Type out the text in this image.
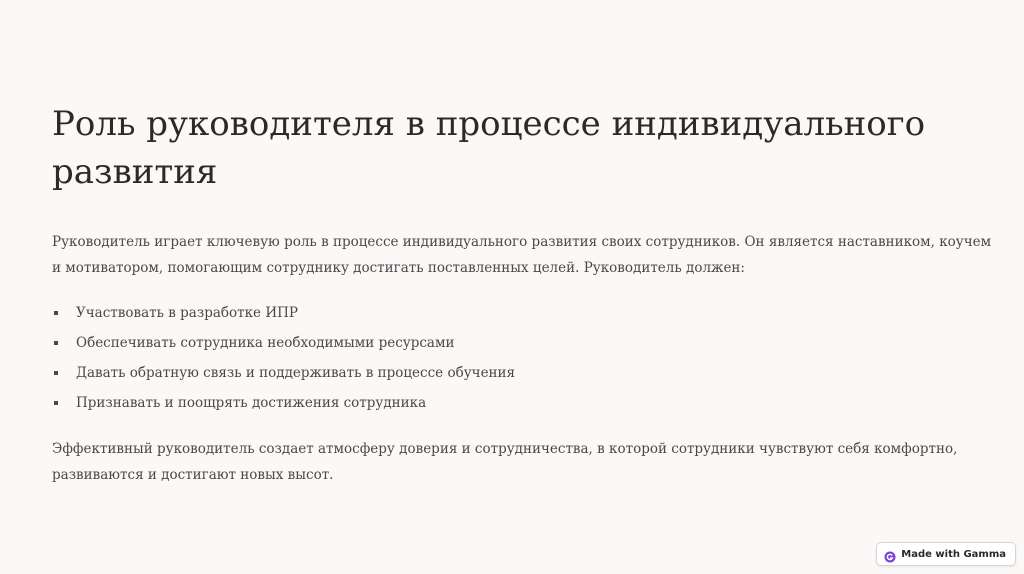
Роль руководителя в процессе индивидуального развития

Руководитель играет ключевую роль в процессе индивидуального развития своих сотрудников. Он является наставником, коучем и мотиватором, помогающим сотруднику достигать поставленных целей. Руководитель должен:

Участвовать в разработке ИПР
Обеспечивать сотрудника необходимыми ресурсами
Давать обратную связь и поддерживать в процессе обучения
Признавать и поощрять достижения сотрудника

Эффективный руководитель создает атмосферу доверия и сотрудничества, в которой сотрудники чувствуют себя комфортно, развиваются и достигают новых высот.

Made with Gamma
